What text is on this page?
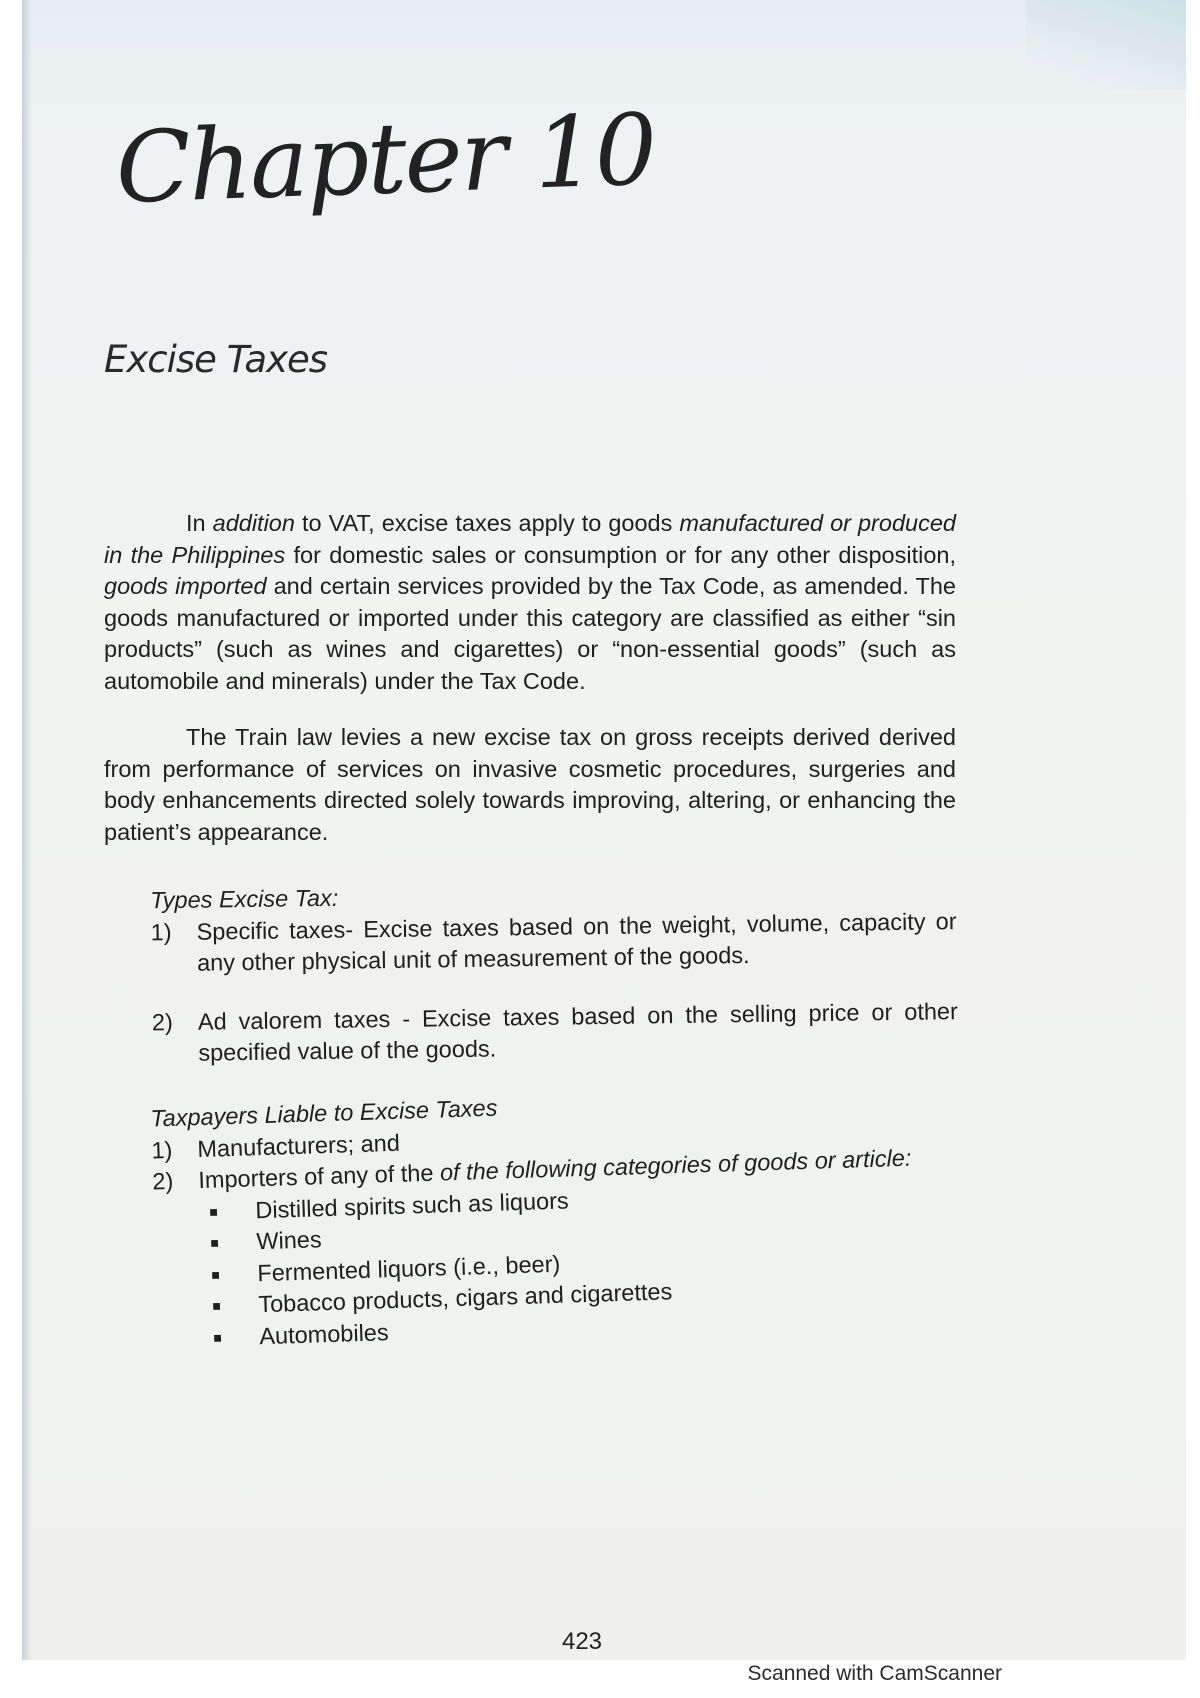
Chapter 10
Excise Taxes

In addition to VAT, excise taxes apply to goods manufactured or produced in the Philippines for domestic sales or consumption or for any other disposition, goods imported and certain services provided by the Tax Code, as amended. The goods manufactured or imported under this category are classified as either “sin products” (such as wines and cigarettes) or “non-essential goods” (such as automobile and minerals) under the Tax Code.

The Train law levies a new excise tax on gross receipts derived derived from performance of services on invasive cosmetic procedures, surgeries and body enhancements directed solely towards improving, altering, or enhancing the patient’s appearance.

Types Excise Tax:
1)	Specific taxes- Excise taxes based on the weight, volume, capacity or any other physical unit of measurement of the goods.
2)	Ad valorem taxes - Excise taxes based on the selling price or other specified value of the goods.
Taxpayers Liable to Excise Taxes
1)	Manufacturers; and
2)	Importers of any of the of the following categories of goods or article:
■	Distilled spirits such as liquors
■	Wines
■	Fermented liquors (i.e., beer)
■	Tobacco products, cigars and cigarettes
■	Automobiles
423
Scanned with CamScanner
